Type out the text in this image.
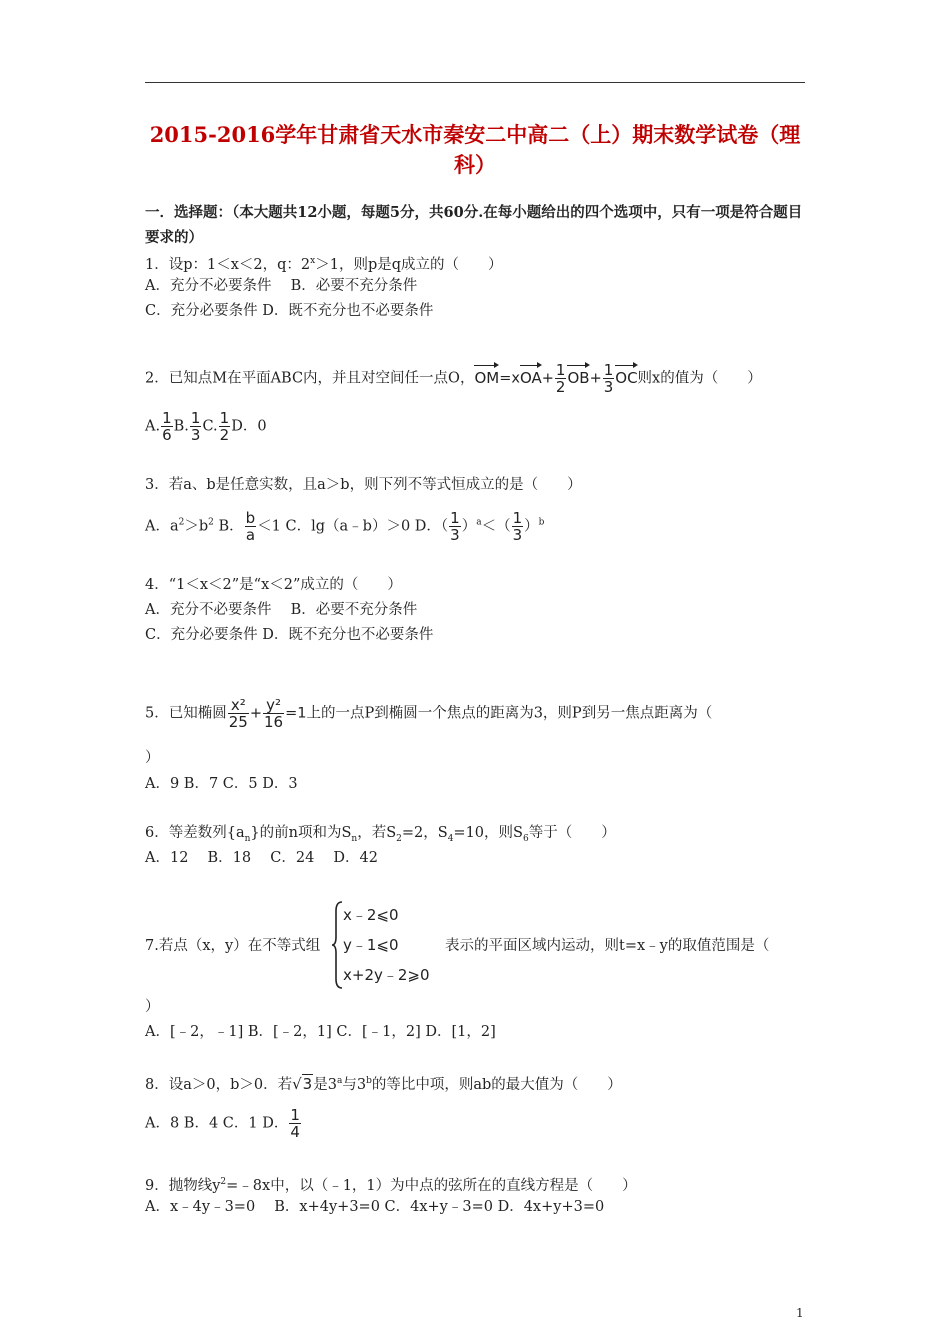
2015-2016学年甘肃省天水市秦安二中高二（上）期末数学试卷（理科）
一．选择题：（本大题共12小题，每题5分，共60分.在每小题给出的四个选项中，只有一项是符合题目要求的）
1．设p：1＜x＜2，q：$2^x>1$，则p是q成立的（　　）
A．充分不必要条件　 B．必要不充分条件
C．充分必要条件 D．既不充分也不必要条件
2．已知点M在平面ABC内，并且对空间任一点O，$OM=xOA+ \frac{1}{2} OB+ \frac{1}{3}$ OC则x的值为（　　）
A. $\frac{1}{6} B$. $\frac{1}{3} C$. $\frac{1}{2}$ D．0
3．若a、b是任意实数，且a＞b，则下列不等式恒成立的是（　　）
A．$a^2>b^2$ B． $\frac{b}{a} <1$ C．lg（a﹣b）＞0 D．（ $\frac{1}{3} )^a<( \frac{1}{3} )^b$
4．“1＜x＜2”是“x＜2”成立的（　　）
A．充分不必要条件　 B．必要不充分条件
C．充分必要条件 D．既不充分也不必要条件
5．已知椭圆 $\frac{\text{x²}}{25} + \frac{\text{y²}}{16} =1$上的一点P到椭圆一个焦点的距离为3，则P到另一焦点距离为（
）
A．9 B．7 C．5 D．3
6．等差数列$\{a_n\}$的前n项和为$S_n$，若$S_2=2$，$S_4=10$，则$S_6$等于（　　）
A．12　 B．18　 C．24　 D．42
7.若点（x，y）在不等式组
x﹣2⩽0
y﹣1⩽0
x+2y﹣2⩾0
表示的平面区域内运动，则t=x﹣y的取值范围是（
）
A．[﹣2，﹣1] B．[﹣2，1] C．[﹣1，2] D．[1，2]
8．设a＞0，b＞0．若√3是3$^a$与3$^b$的等比中项，则ab的最大值为（　　）
A．8 B．4 C．1 D． $\frac{1}{4}$
9．抛物线$y^2=﹣8x$中，以（﹣1，1）为中点的弦所在的直线方程是（　　）
A．x﹣4y﹣3=0　 B．x+4y+3=0 C．4x+y﹣3=0 D．4x+y+3=0
1
